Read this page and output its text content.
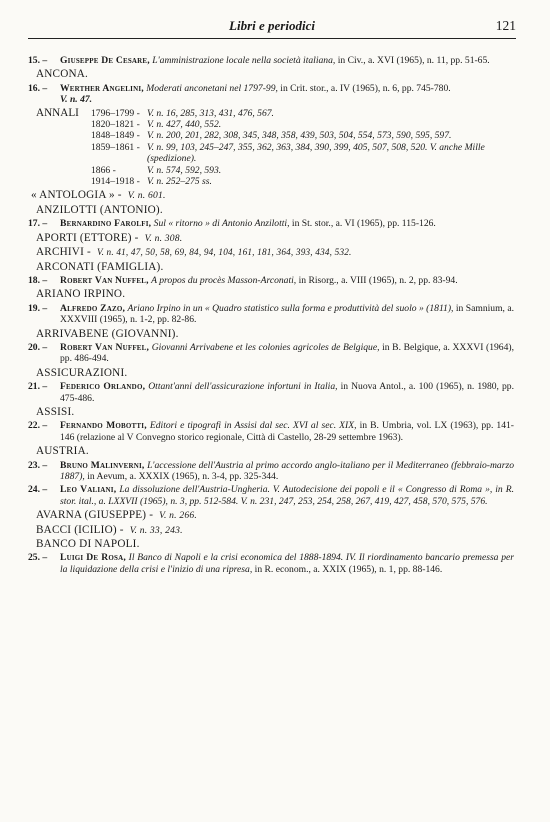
Libri e periodici	121
15. – Giuseppe De Cesare, L'amministrazione locale nella società italiana, in Civ., a. XVI (1965), n. 11, pp. 51-65.
ANCONA.
16. – Werther Angelini, Moderati anconetani nel 1797-99, in Crit. stor., a. IV (1965), n. 6, pp. 745-780.
V. n. 47.
ANNALI 1796–1799 - V. n. 16, 285, 313, 431, 476, 567.
1820–1821 - V. n. 427, 440, 552.
1848–1849 - V. n. 200, 201, 282, 308, 345, 348, 358, 439, 503, 504, 554, 573, 590, 595, 597.
1859–1861 - V. n. 99, 103, 245–247, 355, 362, 363, 384, 390, 399, 405, 507, 508, 520. V. anche Mille (spedizione).
1866 -	V. n. 574, 592, 593.
1914–1918 - V. n. 252–275 ss.
« ANTOLOGIA » - V. n. 601.
ANZILOTTI (ANTONIO).
17. – Bernardino Farolfi, Sul « ritorno » di Antonio Anzilotti, in St. stor., a. VI (1965), pp. 115-126.
APORTI (ETTORE) - V. n. 308.
ARCHIVI - V. n. 41, 47, 50, 58, 69, 84, 94, 104, 161, 181, 364, 393, 434, 532.
ARCONATI (FAMIGLIA).
18. – Robert Van Nuffel, A propos du procès Masson-Arconati, in Risorg., a. VIII (1965), n. 2, pp. 83-94.
ARIANO IRPINO.
19. – Alfredo Zazo, Ariano Irpino in un « Quadro statistico sulla forma e produttività del suolo » (1811), in Samnium, a. XXXVIII (1965), n. 1-2, pp. 82-86.
ARRIVABENE (GIOVANNI).
20. – Robert Van Nuffel, Giovanni Arrivabene et les colonies agricoles de Belgique, in B. Belgique, a. XXXVI (1964), pp. 486-494.
ASSICURAZIONI.
21. – Federico Orlando, Ottant'anni dell'assicurazione infortuni in Italia, in Nuova Antol., a. 100 (1965), n. 1980, pp. 475-486.
ASSISI.
22. – Fernando Mobotti, Editori e tipografi in Assisi dal sec. XVI al sec. XIX, in B. Umbria, vol. LX (1963), pp. 141-146 (relazione al V Convegno storico regionale, Città di Castello, 28-29 settembre 1963).
AUSTRIA.
23. – Bruno Malinverni, L'accessione dell'Austria al primo accordo anglo-italiano per il Mediterraneo (febbraio-marzo 1887), in Aevum, a. XXXIX (1965), n. 3-4, pp. 325-344.
24. – Leo Valiani, La dissoluzione dell'Austria-Ungheria. V. Autodecisione dei popoli e il « Congresso di Roma », in R. stor. ital., a. LXXVII (1965), n. 3, pp. 512-584. V. n. 231, 247, 253, 254, 258, 267, 419, 427, 458, 570, 575, 576.
AVARNA (GIUSEPPE) - V. n. 266.
BACCI (ICILIO) - V. n. 33, 243.
BANCO DI NAPOLI.
25. – Luigi De Rosa, Il Banco di Napoli e la crisi economica del 1888-1894. IV. Il riordinamento bancario premessa per la liquidazione della crisi e l'inizio di una ripresa, in R. econom., a. XXIX (1965), n. 1, pp. 88-146.
